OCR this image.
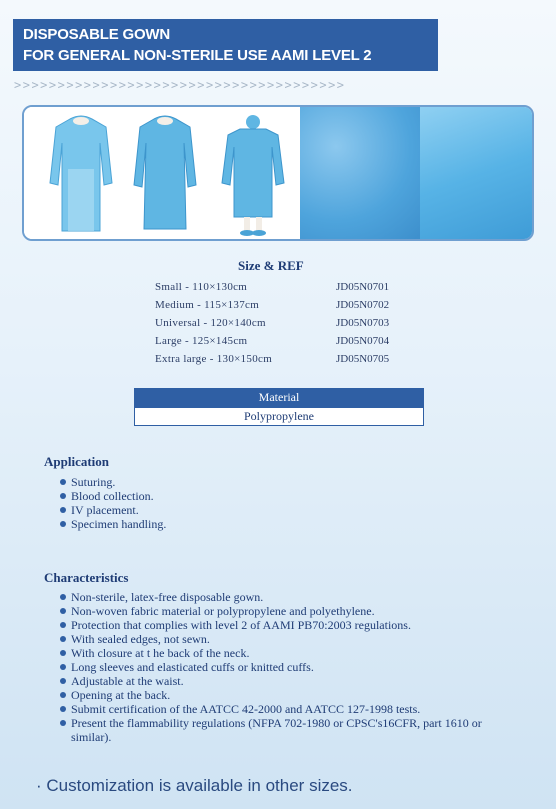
DISPOSABLE GOWN
FOR GENERAL NON-STERILE USE AAMI LEVEL 2
>>>>>>>>>>>>>>>>>>>>>>>>>>>>>>>>>>>>>>
Size & REF
Small - 110×130cm	JD05N0701
Medium - 115×137cm	JD05N0702
Universal - 120×140cm	JD05N0703
Large - 125×145cm	JD05N0704
Extra large - 130×150cm	JD05N0705
Material
Polypropylene
Application
Suturing.
Blood collection.
IV placement.
Specimen handling.
Characteristics
Non-sterile, latex-free disposable gown.
Non-woven fabric material or polypropylene and polyethylene.
Protection that complies with level 2 of AAMI PB70:2003 regulations.
With sealed edges, not sewn.
With closure at t he back of the neck.
Long sleeves and elasticated cuffs or knitted cuffs.
Adjustable at the waist.
Opening at the back.
Submit certification of the AATCC 42-2000 and AATCC 127-1998 tests.
Present the flammability regulations (NFPA 702-1980 or CPSC's16CFR, part 1610 or similar).
· Customization is available in other sizes.
